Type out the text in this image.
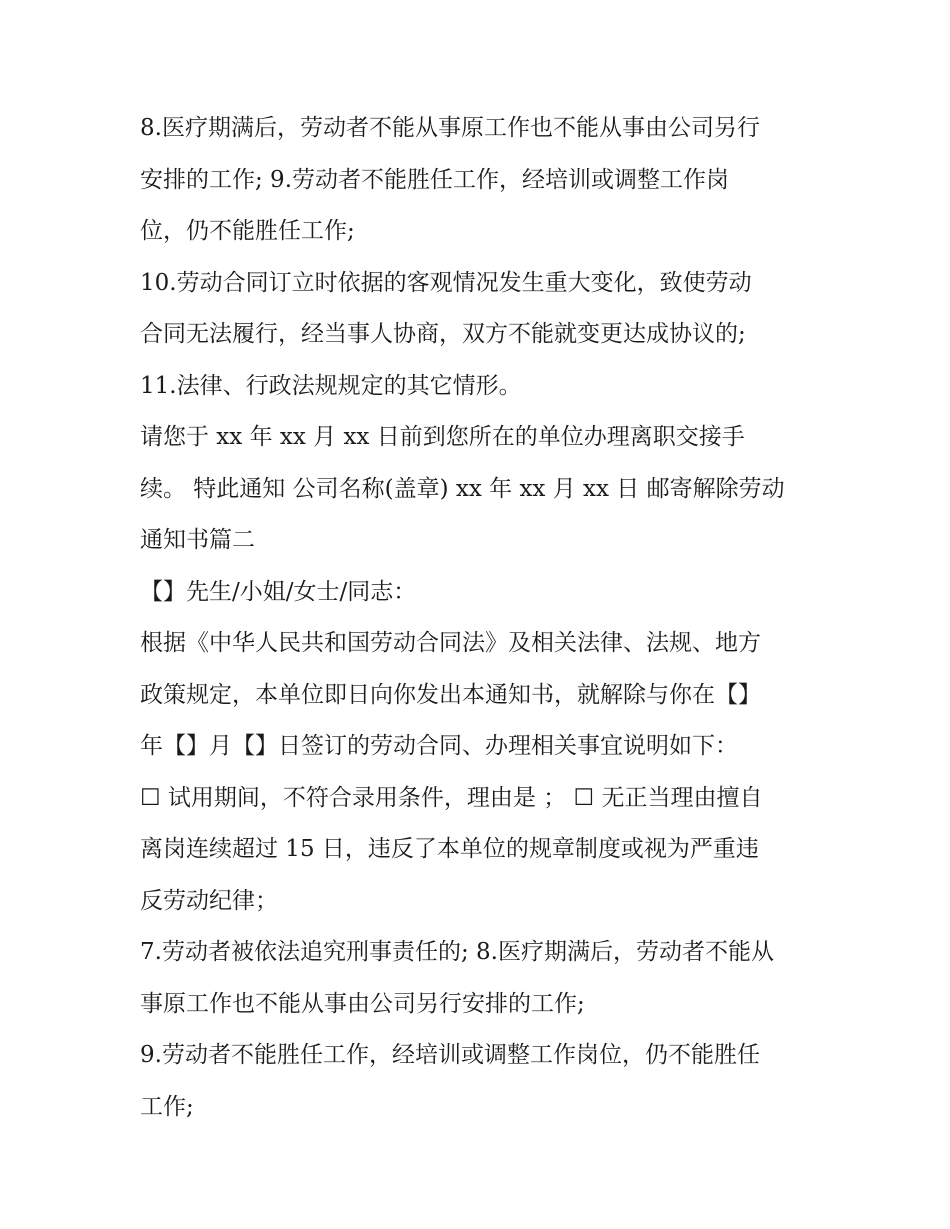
8.医疗期满后，劳动者不能从事原工作也不能从事由公司另行
安排的工作; 9.劳动者不能胜任工作，经培训或调整工作岗
位，仍不能胜任工作;
10.劳动合同订立时依据的客观情况发生重大变化，致使劳动
合同无法履行，经当事人协商，双方不能就变更达成协议的;
11.法律、行政法规规定的其它情形。
请您于 xx 年 xx 月 xx 日前到您所在的单位办理离职交接手
续。 特此通知 公司名称(盖章) xx 年 xx 月 xx 日 邮寄解除劳动
通知书篇二
【】先生/小姐/女士/同志：
根据《中华人民共和国劳动合同法》及相关法律、法规、地方
政策规定，本单位即日向你发出本通知书，就解除与你在【】
年【】月【】日签订的劳动合同、办理相关事宜说明如下：
☐ 试用期间，不符合录用条件，理由是 ； ☐ 无正当理由擅自
离岗连续超过 15 日，违反了本单位的规章制度或视为严重违
反劳动纪律；
7.劳动者被依法追究刑事责任的; 8.医疗期满后，劳动者不能从
事原工作也不能从事由公司另行安排的工作;
9.劳动者不能胜任工作，经培训或调整工作岗位，仍不能胜任
工作;
